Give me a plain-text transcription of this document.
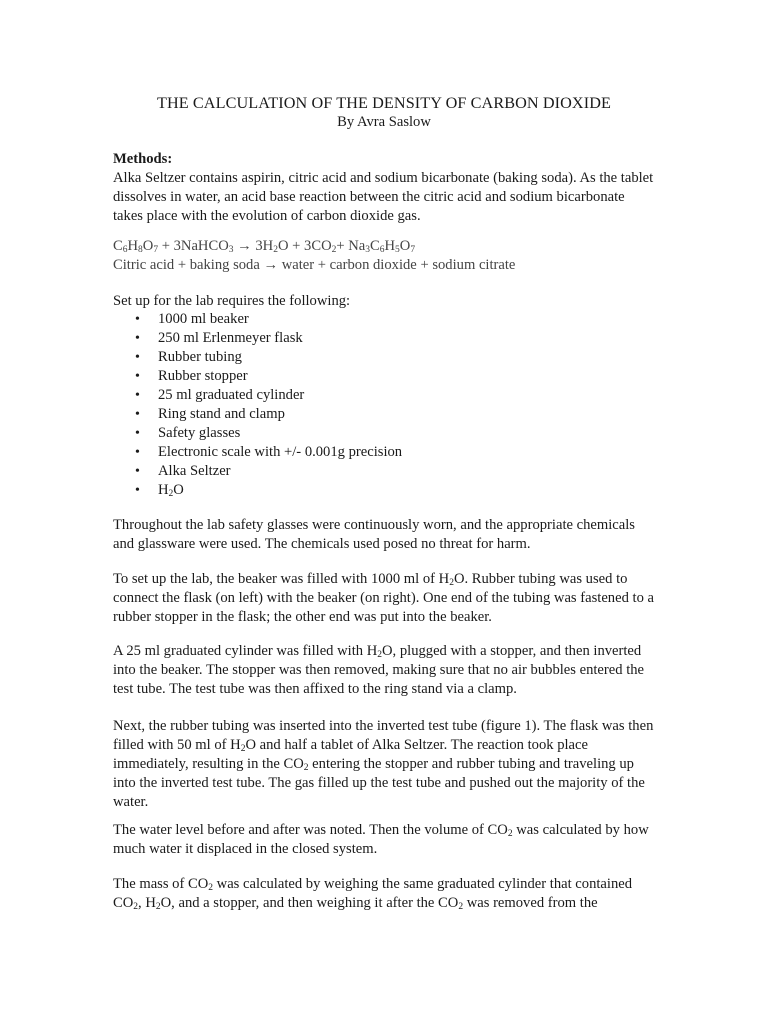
THE CALCULATION OF THE DENSITY OF CARBON DIOXIDE
By Avra Saslow
Methods:
Alka Seltzer contains aspirin, citric acid and sodium bicarbonate (baking soda). As the tablet dissolves in water, an acid base reaction between the citric acid and sodium bicarbonate takes place with the evolution of carbon dioxide gas.
$C_6H_8O_7$ + 3NaHCO$_3$ → $3H_2O + 3CO_2+ Na_3C_6H_5O_7$
Citric acid + baking soda → water + carbon dioxide + sodium citrate
Set up for the lab requires the following:
• 1000 ml beaker
• 250 ml Erlenmeyer flask
• Rubber tubing
• Rubber stopper
• 25 ml graduated cylinder
• Ring stand and clamp
• Safety glasses
• Electronic scale with +/- 0.001g precision
• Alka Seltzer
• $H_2O$
Throughout the lab safety glasses were continuously worn, and the appropriate chemicals and glassware were used. The chemicals used posed no threat for harm.
To set up the lab, the beaker was filled with 1000 ml of $H_2O$. Rubber tubing was used to connect the flask (on left) with the beaker (on right). One end of the tubing was fastened to a rubber stopper in the flask; the other end was put into the beaker.
A 25 ml graduated cylinder was filled with $H_2O$, plugged with a stopper, and then inverted into the beaker. The stopper was then removed, making sure that no air bubbles entered the test tube. The test tube was then affixed to the ring stand via a clamp.
Next, the rubber tubing was inserted into the inverted test tube (figure 1). The flask was then filled with 50 ml of $H_2O$ and half a tablet of Alka Seltzer. The reaction took place immediately, resulting in the $CO_2$ entering the stopper and rubber tubing and traveling up into the inverted test tube. The gas filled up the test tube and pushed out the majority of the water.
The water level before and after was noted. Then the volume of $CO_2$ was calculated by how much water it displaced in the closed system.
The mass of $CO_2$ was calculated by weighing the same graduated cylinder that contained $CO_2$, $H_2O$, and a stopper, and then weighing it after the $CO_2$ was removed from the
